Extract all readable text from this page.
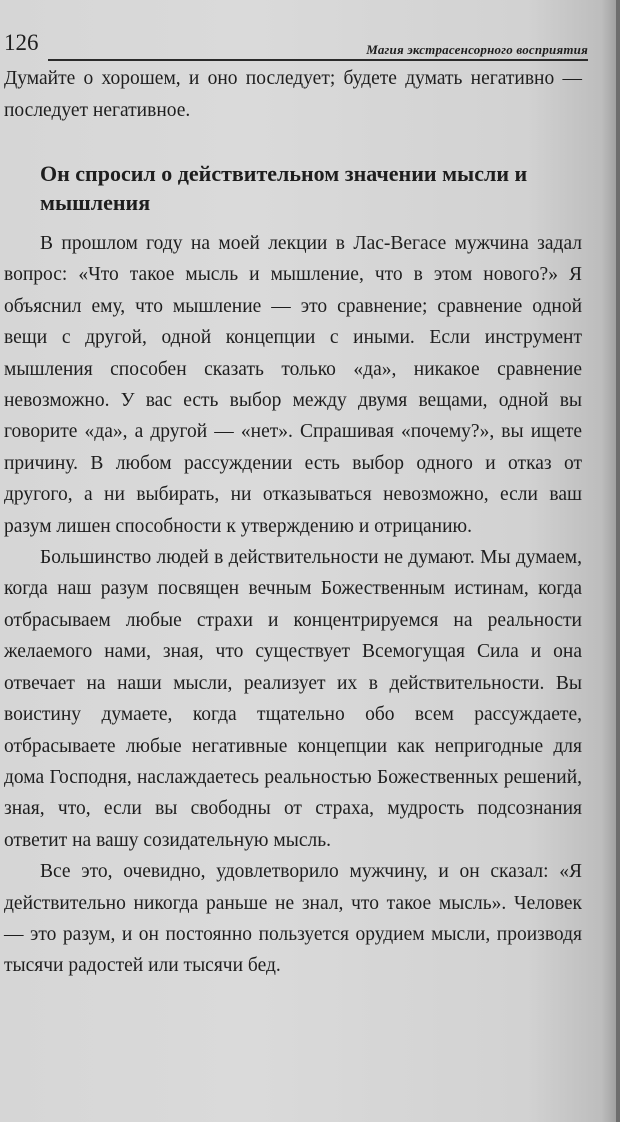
126	Магия экстрасенсорного восприятия

Думайте о хорошем, и оно последует; будете думать негативно — последует негативное.

Он спросил о действительном значении мысли и мышления

В прошлом году на моей лекции в Лас-Вегасе мужчина задал вопрос: «Что такое мысль и мышление, что в этом нового?» Я объяснил ему, что мышление — это сравнение; сравнение одной вещи с другой, одной концепции с иными. Если инструмент мышления способен сказать только «да», никакое сравнение невозможно. У вас есть выбор между двумя вещами, одной вы говорите «да», а другой — «нет». Спрашивая «почему?», вы ищете причину. В любом рассуждении есть выбор одного и отказ от другого, а ни выбирать, ни отказываться невозможно, если ваш разум лишен способности к утверждению и отрицанию.

Большинство людей в действительности не думают. Мы думаем, когда наш разум посвящен вечным Божественным истинам, когда отбрасываем любые страхи и концентрируемся на реальности желаемого нами, зная, что существует Всемогущая Сила и она отвечает на наши мысли, реализует их в действительности. Вы воистину думаете, когда тщательно обо всем рассуждаете, отбрасываете любые негативные концепции как непригодные для дома Господня, наслаждаетесь реальностью Божественных решений, зная, что, если вы свободны от страха, мудрость подсознания ответит на вашу созидательную мысль.

Все это, очевидно, удовлетворило мужчину, и он сказал: «Я действительно никогда раньше не знал, что такое мысль». Человек — это разум, и он постоянно пользуется орудием мысли, производя тысячи радостей или тысячи бед.
